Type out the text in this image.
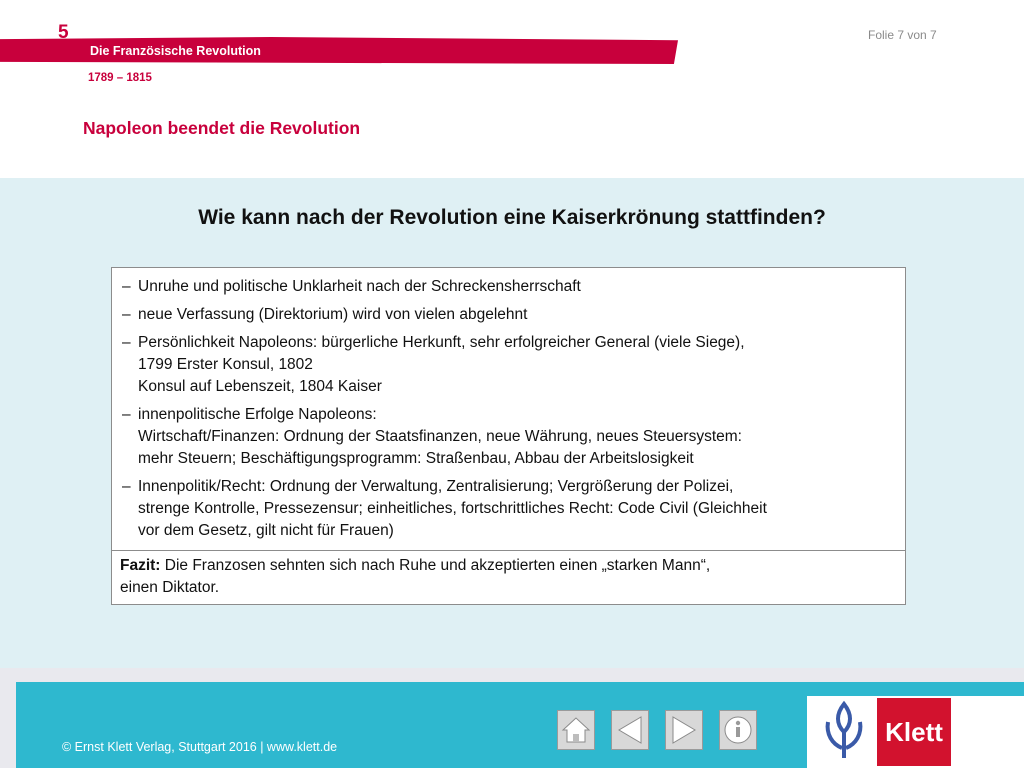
5
Die Französische Revolution
Folie 7 von 7
1789 – 1815
Napoleon beendet die Revolution
Wie kann nach der Revolution eine Kaiserkrönung stattfinden?
– Unruhe und politische Unklarheit nach der Schreckensherrschaft
– neue Verfassung (Direktorium) wird von vielen abgelehnt
– Persönlichkeit Napoleons: bürgerliche Herkunft, sehr erfolgreicher General (viele Siege),
1799 Erster Konsul, 1802
Konsul auf Lebenszeit, 1804 Kaiser
– innenpolitische Erfolge Napoleons:
Wirtschaft/Finanzen: Ordnung der Staatsfinanzen, neue Währung, neues Steuersystem:
mehr Steuern; Beschäftigungsprogramm: Straßenbau, Abbau der Arbeitslosigkeit
– Innenpolitik/Recht: Ordnung der Verwaltung, Zentralisierung; Vergrößerung der Polizei,
strenge Kontrolle, Pressezensur; einheitliches, fortschrittliches Recht: Code Civil (Gleichheit
vor dem Gesetz, gilt nicht für Frauen)
Fazit: Die Franzosen sehnten sich nach Ruhe und akzeptierten einen „starken Mann“,
einen Diktator.
© Ernst Klett Verlag, Stuttgart 2016 | www.klett.de
Klett
